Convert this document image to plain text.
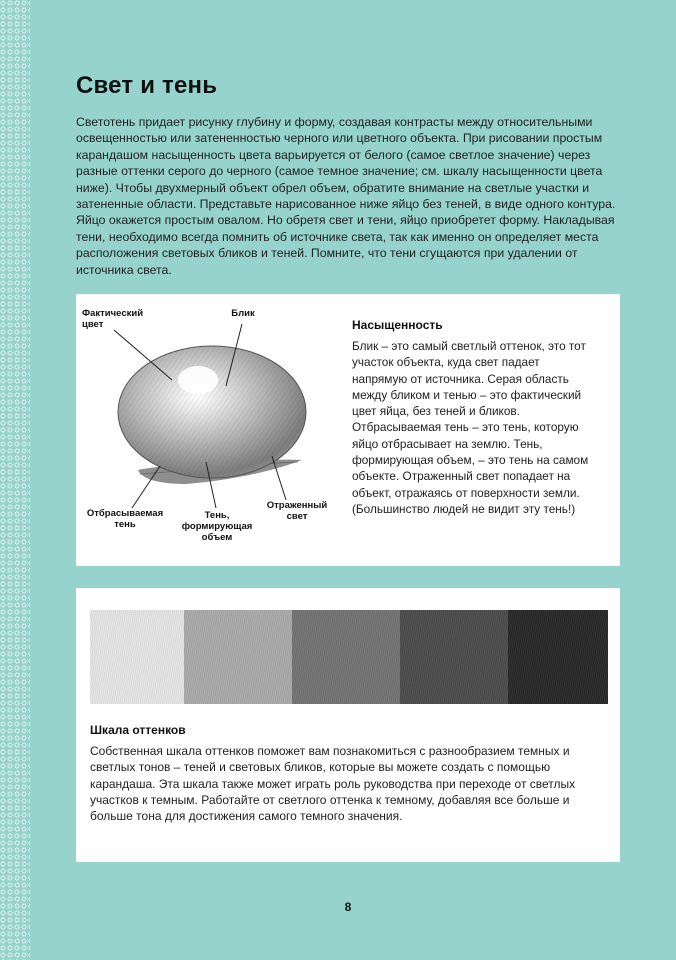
Свет и тень

Светотень придает рисунку глубину и форму, создавая контрасты между относительными освещенностью или затененностью черного или цветного объекта. При рисовании простым карандашом насыщенность цвета варьируется от белого (самое светлое значение) через разные оттенки серого до черного (самое темное значение; см. шкалу насыщенности цвета ниже). Чтобы двухмерный объект обрел объем, обратите внимание на светлые участки и затененные области. Представьте нарисованное ниже яйцо без теней, в виде одного контура. Яйцо окажется простым овалом. Но обретя свет и тени, яйцо приобретет форму. Накладывая тени, необходимо всегда помнить об источнике света, так как именно он определяет места расположения световых бликов и теней. Помните, что тени сгущаются при удалении от источника света.

Фактический цвет
Блик
Отбрасываемая тень
Тень, формирующая объем
Отраженный свет
Насыщенность

Блик – это самый светлый оттенок, это тот участок объекта, куда свет падает напрямую от источника. Серая область между бликом и тенью – это фактический цвет яйца, без теней и бликов. Отбрасываемая тень – это тень, которую яйцо отбрасывает на землю. Тень, формирующая объем, – это тень на самом объекте. Отраженный свет попадает на объект, отражаясь от поверхности земли. (Большинство людей не видит эту тень!)

Шкала оттенков

Собственная шкала оттенков поможет вам познакомиться с разнообразием темных и светлых тонов – теней и световых бликов, которые вы можете создать с помощью карандаша. Эта шкала также может играть роль руководства при переходе от светлых участков к темным. Работайте от светлого оттенка к темному, добавляя все больше и больше тона для достижения самого темного значения.

8
